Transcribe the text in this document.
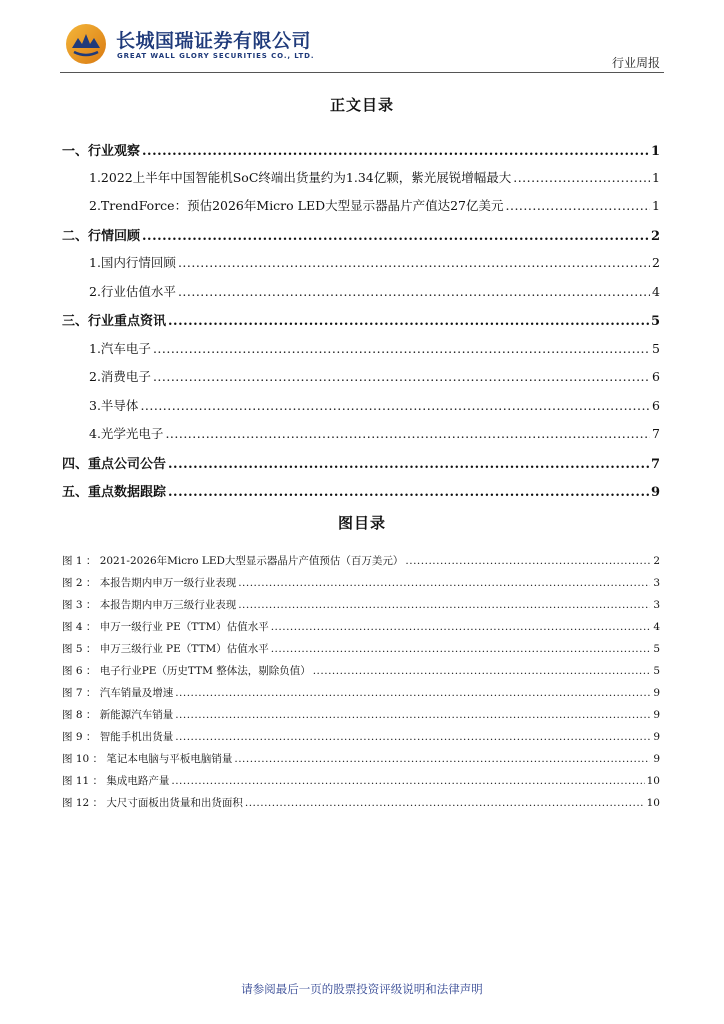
长城国瑞证券有限公司
GREAT WALL GLORY SECURITIES CO., LTD.	行业周报
正文目录
一、行业观察 .....	1
1.2022上半年中国智能机SoC终端出货量约为1.34亿颗，紫光展锐增幅最大 .....	1
2.TrendForce：预估2026年Micro LED大型显示器晶片产值达27亿美元 .....	1
二、行情回顾 .....	2
1.国内行情回顾 .....	2
2.行业估值水平 .....	4
三、行业重点资讯 .....	5
1.汽车电子 .....	5
2.消费电子 .....	6
3.半导体 .....	6
4.光学光电子 .....	7
四、重点公司公告 .....	7
五、重点数据跟踪 .....	9
图目录
图 1 ： 2021-2026年Micro LED大型显示器晶片产值预估（百万美元） .....	2
图 2 ： 本报告期内申万一级行业表现 .....	3
图 3 ： 本报告期内申万三级行业表现 .....	3
图 4 ： 申万一级行业 PE（TTM）估值水平 .....	4
图 5 ： 申万三级行业 PE（TTM）估值水平 .....	5
图 6 ： 电子行业PE（历史TTM 整体法，剔除负值） .....	5
图 7 ： 汽车销量及增速 .....	9
图 8 ： 新能源汽车销量 .....	9
图 9 ： 智能手机出货量 .....	9
图 10 ： 笔记本电脑与平板电脑销量 .....	9
图 11 ： 集成电路产量 .....	10
图 12 ： 大尺寸面板出货量和出货面积 .....	10
请参阅最后一页的股票投资评级说明和法律声明
